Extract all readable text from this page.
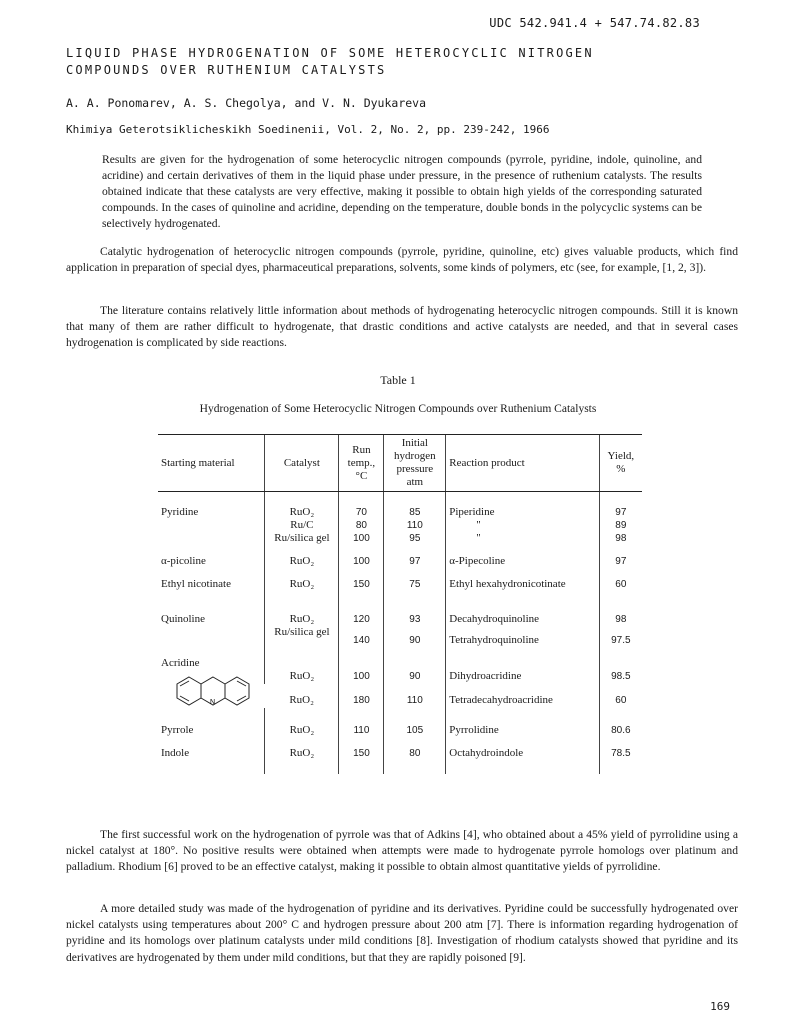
UDC 542.941.4 + 547.74.82.83
LIQUID PHASE HYDROGENATION OF SOME HETEROCYCLIC NITROGEN
COMPOUNDS OVER RUTHENIUM CATALYSTS
A. A. Ponomarev, A. S. Chegolya, and V. N. Dyukareva
Khimiya Geterotsiklicheskikh Soedinenii, Vol. 2, No. 2, pp. 239-242, 1966

Results are given for the hydrogenation of some heterocyclic nitrogen compounds (pyrrole, pyridine, indole, quinoline, and acridine) and certain derivatives of them in the liquid phase under pressure, in the presence of ruthenium catalysts. The results obtained indicate that these catalysts are very effective, making it possible to obtain high yields of the corresponding saturated compounds. In the cases of quinoline and acridine, depending on the temperature, double bonds in the polycyclic systems can be selectively hydrogenated.

Catalytic hydrogenation of heterocyclic nitrogen compounds (pyrrole, pyridine, quinoline, etc) gives valuable products, which find application in preparation of special dyes, pharmaceutical preparations, solvents, some kinds of polymers, etc (see, for example, [1, 2, 3]).

The literature contains relatively little information about methods of hydrogenating heterocyclic nitrogen compounds. Still it is known that many of them are rather difficult to hydrogenate, that drastic conditions and active catalysts are needed, and that in several cases hydrogenation is complicated by side reactions.

Table 1
Hydrogenation of Some Heterocyclic Nitrogen Compounds over Ruthenium Catalysts
Starting material	Catalyst	Run temp., °C	Initial hydrogen pressure atm	Reaction product	Yield, %
Pyridine	RuO₂	70	85	Piperidine	97
	Ru/C	80	110	"	89
	Ru/silica gel	100	95	"	98
α-picoline	RuO₂	100	97	α-Pipecoline	97
Ethyl nicotinate	RuO₂	150	75	Ethyl hexahydronicotinate	60
Quinoline	RuO₂	120	93	Decahydroquinoline	98
	Ru/silica gel	140	90	Tetrahydroquinoline	97.5
Acridine					

N	RuO₂	100	90	Dihydroacridine	98.5
	RuO₂	180	110	Tetradecahydroacridine	60
Pyrrole	RuO₂	110	105	Pyrrolidine	80.6
Indole	RuO₂	150	80	Octahydroindole	78.5

The first successful work on the hydrogenation of pyrrole was that of Adkins [4], who obtained about a 45% yield of pyrrolidine using a nickel catalyst at 180°. No positive results were obtained when attempts were made to hydrogenate pyrrole homologs over platinum and palladium. Rhodium [6] proved to be an effective catalyst, making it possible to obtain almost quantitative yields of pyrrolidine.

A more detailed study was made of the hydrogenation of pyridine and its derivatives. Pyridine could be successfully hydrogenated over nickel catalysts using temperatures about 200° C and hydrogen pressure about 200 atm [7]. There is information regarding hydrogenation of pyridine and its homologs over platinum catalysts under mild conditions [8]. Investigation of rhodium catalysts showed that pyridine and its derivatives are hydrogenated by them under mild conditions, but that they are rapidly poisoned [9].

169
